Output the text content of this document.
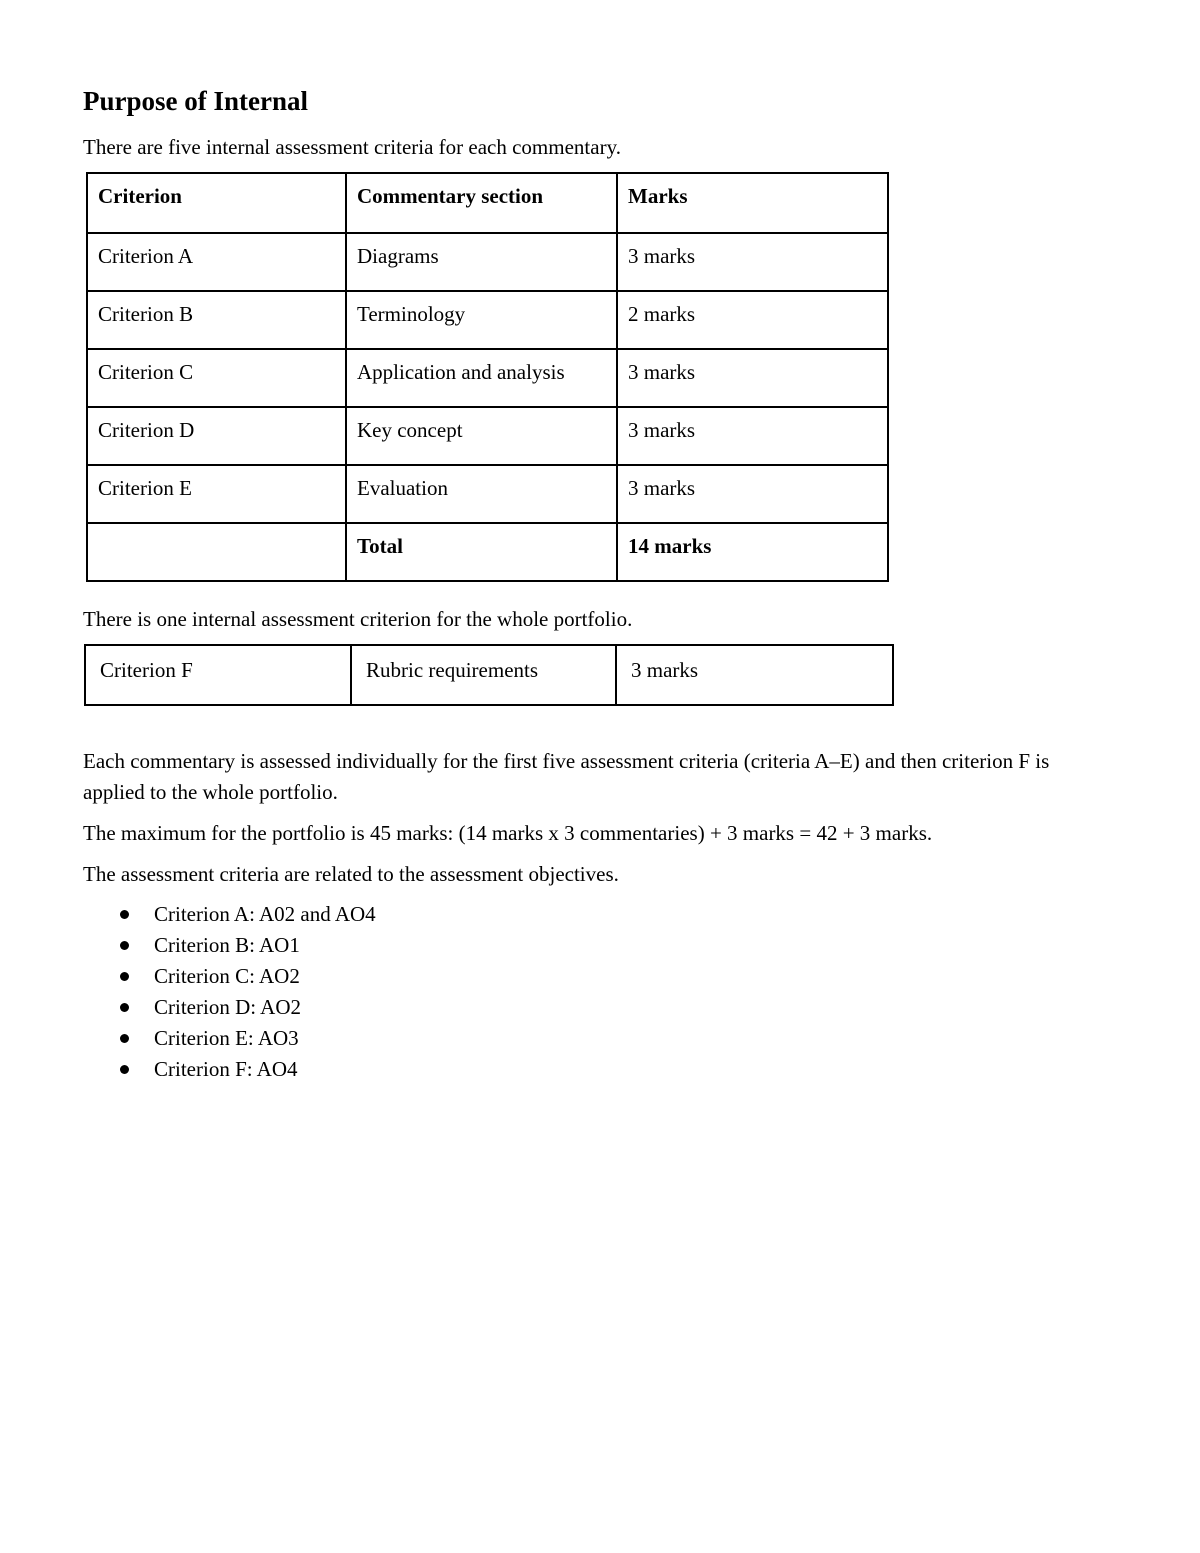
Purpose of Internal

There are five internal assessment criteria for each commentary.

Criterion	Commentary section	Marks
Criterion A	Diagrams	3 marks
Criterion B	Terminology	2 marks
Criterion C	Application and analysis	3 marks
Criterion D	Key concept	3 marks
Criterion E	Evaluation	3 marks
	Total	14 marks

There is one internal assessment criterion for the whole portfolio.

Criterion F	Rubric requirements	3 marks

Each commentary is assessed individually for the first five assessment criteria (criteria A–E) and then criterion F is applied to the whole portfolio.

The maximum for the portfolio is 45 marks: (14 marks x 3 commentaries) + 3 marks = 42 + 3 marks.

The assessment criteria are related to the assessment objectives.

Criterion A: A02 and AO4
Criterion B: AO1
Criterion C: AO2
Criterion D: AO2
Criterion E: AO3
Criterion F: AO4
